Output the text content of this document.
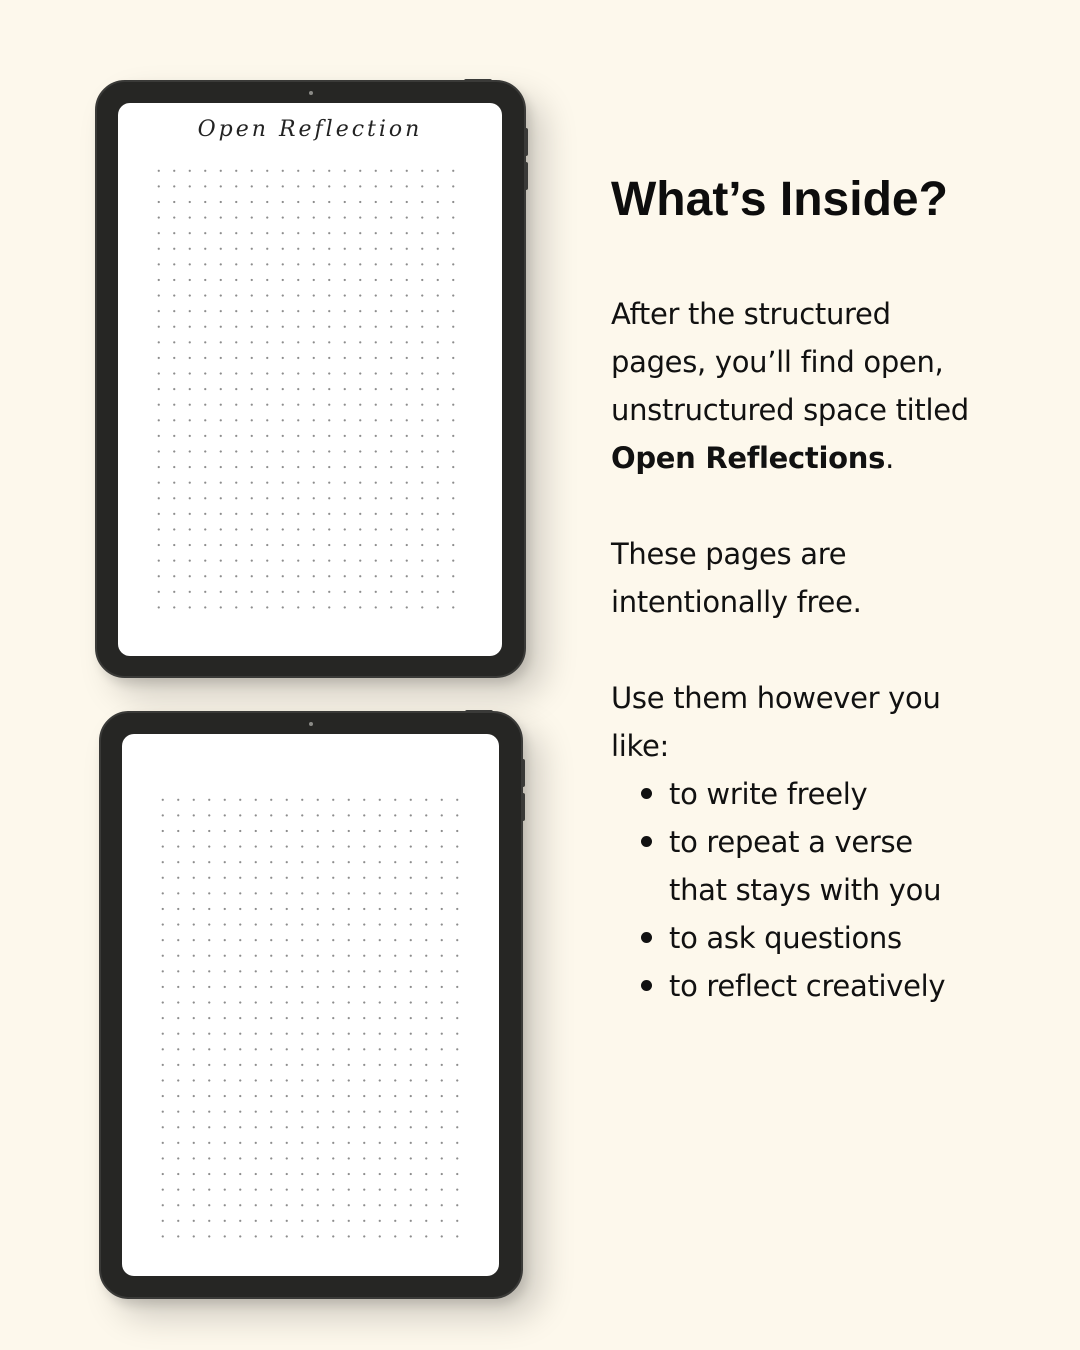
Open Reflection
What’s Inside?

After the structured
pages, you’ll find open,
unstructured space titled
Open Reflections.

These pages are
intentionally free.

Use them however you
like:

to write freely
to repeat a verse
that stays with you
to ask questions
to reflect creatively
